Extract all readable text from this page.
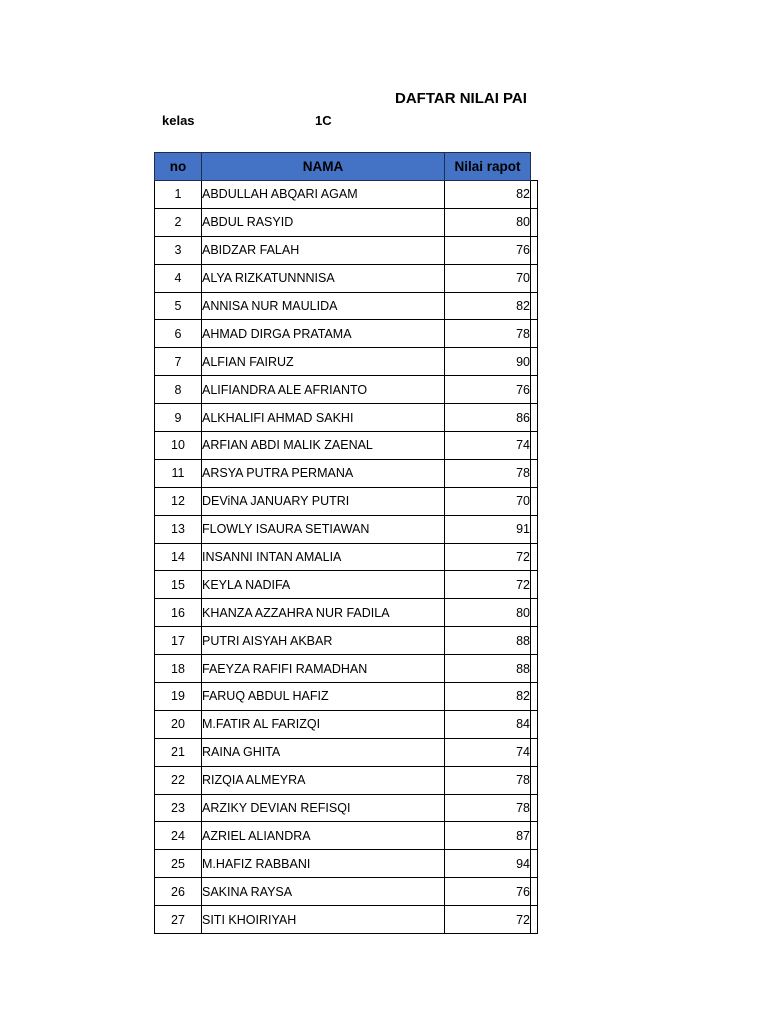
DAFTAR NILAI PAI
kelas	1C
no	NAMA	Nilai rapot	
1	ABDULLAH ABQARI AGAM	82	
2	ABDUL RASYID	80	
3	ABIDZAR FALAH	76	
4	ALYA RIZKATUNNNISA	70	
5	ANNISA NUR MAULIDA	82	
6	AHMAD DIRGA PRATAMA	78	
7	ALFIAN FAIRUZ	90	
8	ALIFIANDRA ALE AFRIANTO	76	
9	ALKHALIFI AHMAD SAKHI	86	
10	ARFIAN ABDI MALIK ZAENAL	74	
11	ARSYA PUTRA PERMANA	78	
12	DEViNA JANUARY PUTRI	70	
13	FLOWLY ISAURA SETIAWAN	91	
14	INSANNI INTAN AMALIA	72	
15	KEYLA NADIFA	72	
16	KHANZA AZZAHRA NUR FADILA	80	
17	PUTRI AISYAH AKBAR	88	
18	FAEYZA RAFIFI RAMADHAN	88	
19	FARUQ ABDUL HAFIZ	82	
20	M.FATIR AL FARIZQI	84	
21	RAINA GHITA	74	
22	RIZQIA ALMEYRA	78	
23	ARZIKY DEVIAN REFISQI	78	
24	AZRIEL ALIANDRA	87	
25	M.HAFIZ RABBANI	94	
26	SAKINA RAYSA	76	
27	SITI KHOIRIYAH	72	
